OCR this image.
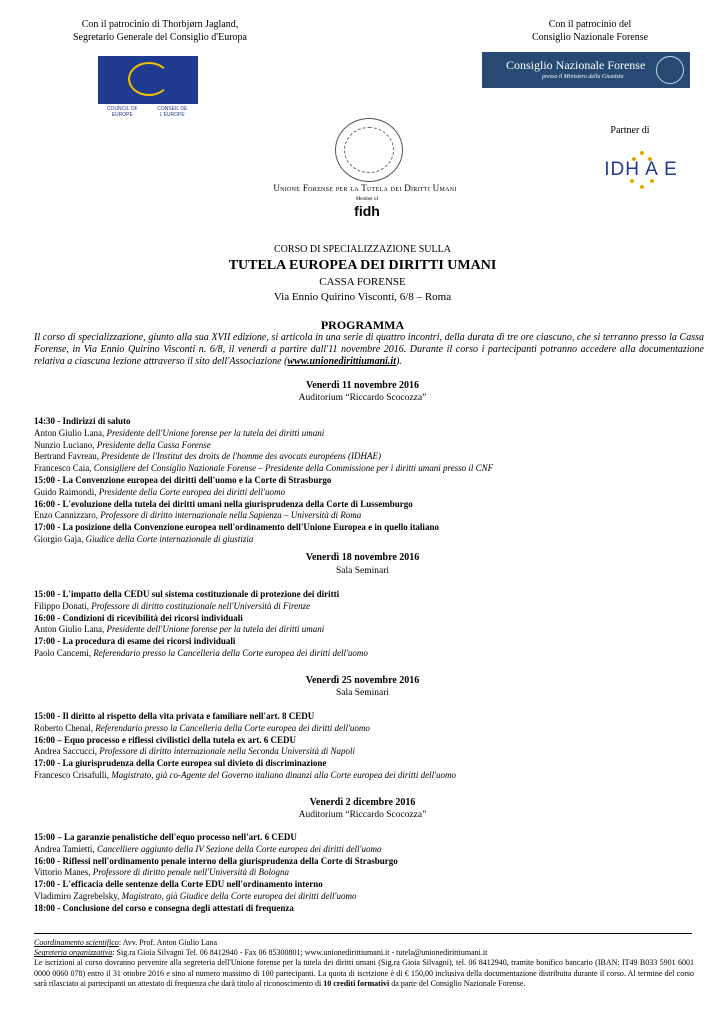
Con il patrocinio di Thorbjørn Jagland,
Segretario Generale del Consiglio d'Europa
COUNCIL OF EUROPE
CONSEIL DE L'EUROPE
Con il patrocinio del
Consiglio Nazionale Forense
Consiglio Nazionale Forense
presso il Ministero della Giustizia
Partner di
IDH A E
Unione Forense per la Tutela dei Diritti Umani
Member of
fidh
CORSO DI SPECIALIZZAZIONE SULLA
TUTELA EUROPEA DEI DIRITTI UMANI
CASSA FORENSE
Via Ennio Quirino Visconti, 6/8 – Roma
PROGRAMMA
Il corso di specializzazione, giunto alla sua XVII edizione, si articola in una serie di quattro incontri, della durata di tre ore ciascuno, che si terranno presso la Cassa Forense, in Via Ennio Quirino Visconti n. 6/8, il venerdì a partire dall'11 novembre 2016. Durante il corso i partecipanti potranno accedere alla documentazione relativa a ciascuna lezione attraverso il sito dell'Associazione (www.unionedirittiumani.it).
Venerdì 11 novembre 2016
Auditorium “Riccardo Scocozza”
14:30 - Indirizzi di saluto
Anton Giulio Lana, Presidente dell'Unione forense per la tutela dei diritti umani
Nunzio Luciano, Presidente della Cassa Forense
Bertrand Favreau, Presidente de l'Institut des droits de l'homme des avocats européens (IDHAE)
Francesco Caia, Consigliere del Consiglio Nazionale Forense – Presidente della Commissione per i diritti umani presso il CNF
15:00 - La Convenzione europea dei diritti dell'uomo e la Corte di Strasburgo
Guido Raimondi, Presidente della Corte europea dei diritti dell'uomo
16:00 - L'evoluzione della tutela dei diritti umani nella giurisprudenza della Corte di Lussemburgo
Enzo Cannizzaro, Professore di diritto internazionale nella Sapienza – Università di Roma
17:00 - La posizione della Convenzione europea nell'ordinamento dell'Unione Europea e in quello italiano
Giorgio Gaja, Giudice della Corte internazionale di giustizia
Venerdì 18 novembre 2016
Sala Seminari
15:00 - L'impatto della CEDU sul sistema costituzionale di protezione dei diritti
Filippo Donati, Professore di diritto costituzionale nell'Università di Firenze
16:00 - Condizioni di ricevibilità dei ricorsi individuali
Anton Giulio Lana, Presidente dell'Unione forense per la tutela dei diritti umani
17:00 - La procedura di esame dei ricorsi individuali
Paolo Cancemi, Referendario presso la Cancelleria della Corte europea dei diritti dell'uomo
Venerdì 25 novembre 2016
Sala Seminari
15:00 - Il diritto al rispetto della vita privata e familiare nell'art. 8 CEDU
Roberto Chenal, Referendario presso la Cancelleria della Corte europea dei diritti dell'uomo
16:00 – Equo processo e riflessi civilistici della tutela ex art. 6 CEDU
Andrea Saccucci, Professore di diritto internazionale nella Seconda Università di Napoli
17:00 - La giurisprudenza della Corte europea sul divieto di discriminazione
Francesco Crisafulli, Magistrato, già co-Agente del Governo italiano dinanzi alla Corte europea dei diritti dell'uomo
Venerdì 2 dicembre 2016
Auditorium “Riccardo Scocozza”
15:00 – La garanzie penalistiche dell'equo processo nell'art. 6 CEDU
Andrea Tamietti, Cancelliere aggiunto della IV Sezione della Corte europea dei diritti dell'uomo
16:00 - Riflessi nell'ordinamento penale interno della giurisprudenza della Corte di Strasburgo
Vittorio Manes, Professore di diritto penale nell'Università di Bologna
17:00 - L'efficacia delle sentenze della Corte EDU nell'ordinamento interno
Vladimiro Zagrebelsky, Magistrato, già Giudice della Corte europea dei diritti dell'uomo
18:00 - Conclusione del corso e consegna degli attestati di frequenza
Coordinamento scientifico: Avv. Prof. Anton Giulio Lana
Segreteria organizzativa: Sig.ra Gioia Silvagni Tel. 06 8412940 - Fax 06 85300801; www.unionedirittiumani.it - tutela@unionedirittiumani.it
Le iscrizioni al corso dovranno pervenire alla segreteria dell'Unione forense per la tutela dei diritti umani (Sig.ra Gioia Silvagni), tel. 06 8412940, tramite bonifico bancario (IBAN: IT49 B033 5901 6001 0000 0060 078) entro il 31 ottobre 2016 e sino al numero massimo di 100 partecipanti. La quota di iscrizione è di € 150,00 inclusiva della documentazione distribuita durante il corso. Al termine del corso sarà rilasciato ai partecipanti un attestato di frequenza che darà titolo al riconoscimento di 10 crediti formativi da parte del Consiglio Nazionale Forense.
